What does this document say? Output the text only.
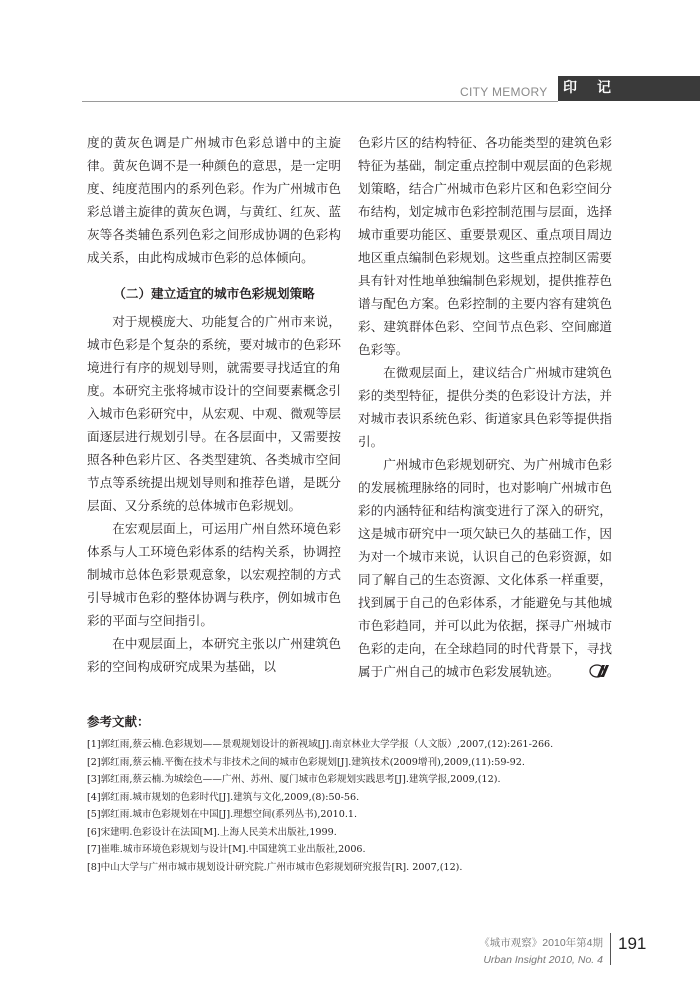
CITY MEMORY 印　记

度的黄灰色调是广州城市色彩总谱中的主旋律。黄灰色调不是一种颜色的意思，是一定明度、纯度范围内的系列色彩。作为广州城市色彩总谱主旋律的黄灰色调，与黄红、红灰、蓝灰等各类辅色系列色彩之间形成协调的色彩构成关系，由此构成城市色彩的总体倾向。

（二）建立适宜的城市色彩规划策略

对于规模庞大、功能复合的广州市来说，城市色彩是个复杂的系统，要对城市的色彩环境进行有序的规划导则，就需要寻找适宜的角度。本研究主张将城市设计的空间要素概念引入城市色彩研究中，从宏观、中观、微观等层面逐层进行规划引导。在各层面中，又需要按照各种色彩片区、各类型建筑、各类城市空间节点等系统提出规划导则和推荐色谱，是既分层面、又分系统的总体城市色彩规划。

在宏观层面上，可运用广州自然环境色彩体系与人工环境色彩体系的结构关系，协调控制城市总体色彩景观意象，以宏观控制的方式引导城市色彩的整体协调与秩序，例如城市色彩的平面与空间指引。

在中观层面上，本研究主张以广州建筑色彩的空间构成研究成果为基础，以

色彩片区的结构特征、各功能类型的建筑色彩特征为基础，制定重点控制中观层面的色彩规划策略，结合广州城市色彩片区和色彩空间分布结构，划定城市色彩控制范围与层面，选择城市重要功能区、重要景观区、重点项目周边地区重点编制色彩规划。这些重点控制区需要具有针对性地单独编制色彩规划，提供推荐色谱与配色方案。色彩控制的主要内容有建筑色彩、建筑群体色彩、空间节点色彩、空间廊道色彩等。

在微观层面上，建议结合广州城市建筑色彩的类型特征，提供分类的色彩设计方法，并对城市表识系统色彩、街道家具色彩等提供指引。

广州城市色彩规划研究、为广州城市色彩的发展梳理脉络的同时，也对影响广州城市色彩的内涵特征和结构演变进行了深入的研究，这是城市研究中一项欠缺已久的基础工作，因为对一个城市来说，认识自己的色彩资源，如同了解自己的生态资源、文化体系一样重要，找到属于自己的色彩体系，才能避免与其他城市色彩趋同，并可以此为依据，探寻广州城市色彩的走向，在全球趋同的时代背景下，寻找属于广州自己的城市色彩发展轨迹。

参考文献：
[1]郭红雨,蔡云楠.色彩规划——景观规划设计的新视域[J].南京林业大学学报（人文版）,2007,(12):261-266.
[2]郭红雨,蔡云楠.平衡在技术与非技术之间的城市色彩规划[J].建筑技术(2009增刊),2009,(11):59-92.
[3]郭红雨,蔡云楠.为城绘色——广州、苏州、厦门城市色彩规划实践思考[J].建筑学报,2009,(12).
[4]郭红雨.城市规划的色彩时代[J].建筑与文化,2009,(8):50-56.
[5]郭红雨.城市色彩规划在中国[J].理想空间(系列丛书),2010.1.
[6]宋建明.色彩设计在法国[M].上海人民美术出版社,1999.
[7]崔唯.城市环境色彩规划与设计[M].中国建筑工业出版社,2006.
[8]中山大学与广州市城市规划设计研究院.广州市城市色彩规划研究报告[R]. 2007,(12).
《城市观察》2010年第4期
Urban Insight 2010, No. 4
191
